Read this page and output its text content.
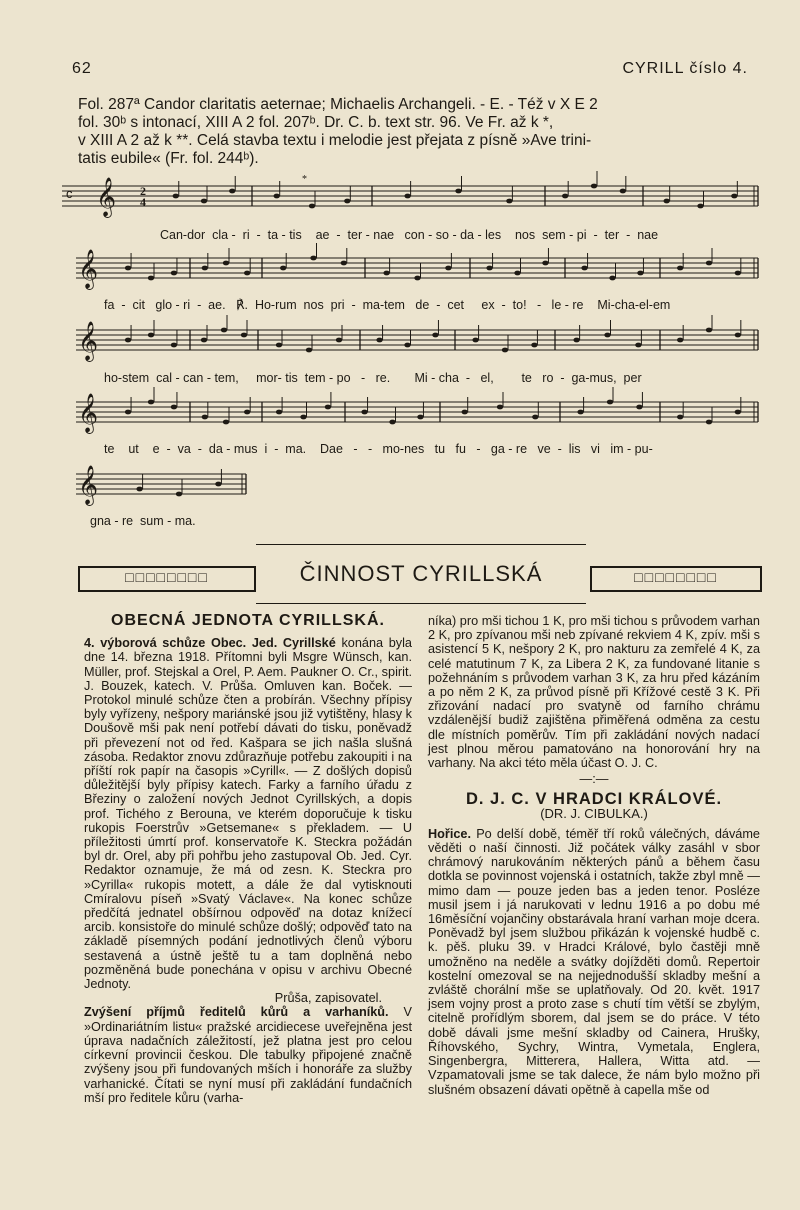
62	CYRILL číslo 4.

Fol. 287ª Candor claritatis aeternae; Michaelis Archangeli. - E. - Též v X E 2

fol. 30ᵇ s intonací, XIII A 2 fol. 207ᵇ. Dr. C. b. text str. 96. Ve Fr. až k *,

v XIII A 2 až k **. Celá stavba textu i melodie jest přejata z písně »Ave trini-

tatis eubile« (Fr. fol. 244ᵇ).

c 𝄞 2
4
𝄞
𝄞
𝄞
𝄞
*
Can-dor  cla -  ri  -  ta - tis    ae  -  ter - nae   con - so - da - les    nos  sem - pi  -  ter  -  nae
fa  -  cit   glo - ri  -  ae.   ℟.  Ho-rum  nos  pri  -  ma-tem   de  -  cet     ex  -  to!   -   le - re    Mi-cha-el-em
ho-stem  cal - can - tem,     mor- tis  tem - po   -   re.       Mi - cha  -   el,        te   ro  -  ga-mus,  per
te    ut    e  -  va  -  da - mus  i  -  ma.    Dae   -   -   mo-nes   tu   fu   -   ga - re   ve  -  lis   vi   im - pu-
gna - re  sum - ma.
□□□□□□□□	ČINNOST CYRILLSKÁ	□□□□□□□□
OBECNÁ JEDNOTA CYRILLSKÁ.

4. výborová schůze Obec. Jed. Cyrillské konána byla dne 14. března 1918. Přítomni byli Msgre Wünsch, kan. Müller, prof. Stejskal a Orel, P. Aem. Paukner O. Cr., spirit. J. Bouzek, katech. V. Průša. Omluven kan. Boček. — Protokol minulé schůze čten a probírán. Všechny přípisy byly vyřízeny, nešpory mariánské jsou již vytištěny, hlasy k Doušově mši pak není potřebí dávati do tisku, poněvadž při převezení not od řed. Kašpara se jich našla slušná zásoba. Redaktor znovu zdůrazňuje potřebu zakoupiti i na příští rok papír na časopis »Cyrill«. — Z došlých dopisů důležitější byly přípisy katech. Farky a farního úřadu z Březiny o založení nových Jednot Cyrillských, a dopis prof. Tichého z Berouna, ve kterém doporučuje k tisku rukopis Foerstrův »Getsemane« s překladem. — U příležitosti úmrtí prof. konservatoře K. Steckra požádán byl dr. Orel, aby při pohřbu jeho zastupoval Ob. Jed. Cyr. Redaktor oznamuje, že má od zesn. K. Steckra pro »Cyrilla« rukopis motett, a dále že dal vytisknouti Cmíralovu píseň »Svatý Václave«. Na konec schůze předčítá jednatel obšírnou odpověď na dotaz knížecí arcib. konsistoře do minulé schůze došlý; odpověď tato na základě písemných podání jednotlivých členů výboru sestavená a ústně ještě tu a tam doplněná nebo pozměněná bude ponechána v opisu v archivu Obecné Jednoty.

Průša, zapisovatel.

Zvýšení příjmů ředitelů kůrů a varhaníků. V »Ordinariátním listu« pražské arcidiecese uveřejněna jest úprava nadačních záležitostí, jež platna jest pro celou církevní provincii českou. Dle tabulky připojené značně zvýšeny jsou při fundovaných mších i honoráře za služby varhanické. Čítati se nyní musí při zakládání fundačních mší pro ředitele kůru (varha-

níka) pro mši tichou 1 K, pro mši tichou s průvodem varhan 2 K, pro zpívanou mši neb zpívané rekviem 4 K, zpív. mši s asistencí 5 K, nešpory 2 K, pro nakturu za zemřelé 4 K, za celé matutinum 7 K, za Libera 2 K, za fundované litanie s požehnáním s průvodem varhan 3 K, za hru před kázáním a po něm 2 K, za průvod písně při Křížové cestě 3 K. Při zřizování nadací pro svatyně od farního chrámu vzdálenější budiž zajištěna přiměřená odměna za cestu dle místních poměrův. Tím při zakládání nových nadací jest plnou měrou pamatováno na honorování hry na varhany. Na akci této měla účast O. J. C.

—:—

D. J. C. V HRADCI KRÁLOVÉ.

(DR. J. CIBULKA.)

Hořice. Po delší době, téměř tří roků válečných, dáváme věděti o naší činnosti. Již počátek války zasáhl v sbor chrámový narukováním některých pánů a během času dotkla se povinnost vojenská i ostatních, takže zbyl mně — mimo dam — pouze jeden bas a jeden tenor. Posléze musil jsem i já narukovati v lednu 1916 a po dobu mé 16měsíční vojančiny obstarávala hraní varhan moje dcera. Poněvadž byl jsem službou přikázán k vojenské hudbě c. k. pěš. pluku 39. v Hradci Králové, bylo častěji mně umožněno na neděle a svátky dojížděti domů. Repertoir kostelní omezoval se na nejjednodušší skladby mešní a zvláště chorální mše se uplatňovaly. Od 20. květ. 1917 jsem vojny prost a proto zase s chutí tím větší se zbylým, citelně prořídlým sborem, dal jsem se do práce. V této době dávali jsme mešní skladby od Cainera, Hrušky, Říhovského, Sychry, Wintra, Vymetala, Englera, Singenbergra, Mitterera, Hallera, Witta atd. — Vzpamatovali jsme se tak dalece, že nám bylo možno při slušném obsazení dávati opětně à capella mše od
